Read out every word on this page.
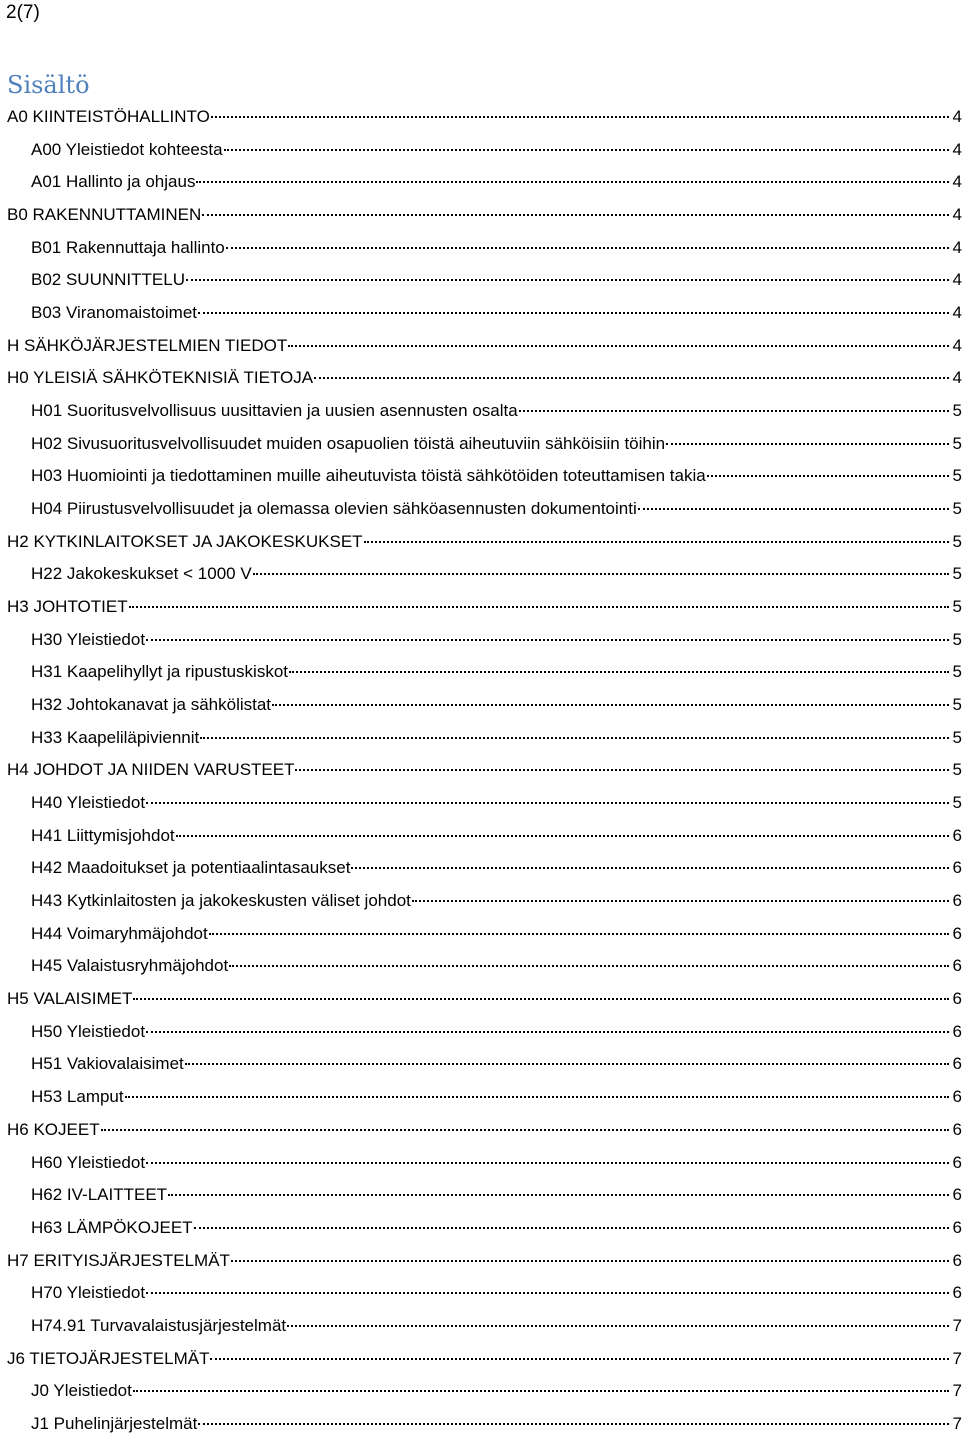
2(7)
Sisältö
A0 KIINTEISTÖHALLINTO	4
A00 Yleistiedot kohteesta	4
A01 Hallinto ja ohjaus	4
B0 RAKENNUTTAMINEN	4
B01 Rakennuttaja hallinto	4
B02 SUUNNITTELU	4
B03 Viranomaistoimet	4
H SÄHKÖJÄRJESTELMIEN TIEDOT	4
H0 YLEISIÄ SÄHKÖTEKNISIÄ TIETOJA	4
H01 Suoritusvelvollisuus uusittavien ja uusien asennusten osalta	5
H02 Sivusuoritusvelvollisuudet muiden osapuolien töistä aiheutuviin sähköisiin töihin	5
H03 Huomiointi ja tiedottaminen muille aiheutuvista töistä sähkötöiden toteuttamisen takia	5
H04 Piirustusvelvollisuudet ja olemassa olevien sähköasennusten dokumentointi	5
H2 KYTKINLAITOKSET JA JAKOKESKUKSET	5
H22 Jakokeskukset < 1000 V	5
H3 JOHTOTIET	5
H30 Yleistiedot	5
H31 Kaapelihyllyt ja ripustuskiskot	5
H32 Johtokanavat ja sähkölistat	5
H33 Kaapeliläpiviennit	5
H4 JOHDOT JA NIIDEN VARUSTEET	5
H40 Yleistiedot	5
H41 Liittymisjohdot	6
H42 Maadoitukset ja potentiaalintasaukset	6
H43 Kytkinlaitosten ja jakokeskusten väliset johdot	6
H44 Voimaryhmäjohdot	6
H45 Valaistusryhmäjohdot	6
H5 VALAISIMET	6
H50 Yleistiedot	6
H51 Vakiovalaisimet	6
H53 Lamput	6
H6 KOJEET	6
H60 Yleistiedot	6
H62 IV-LAITTEET	6
H63 LÄMPÖKOJEET	6
H7 ERITYISJÄRJESTELMÄT	6
H70 Yleistiedot	6
H74.91 Turvavalaistusjärjestelmät	7
J6 TIETOJÄRJESTELMÄT	7
J0 Yleistiedot	7
J1 Puhelinjärjestelmät	7
